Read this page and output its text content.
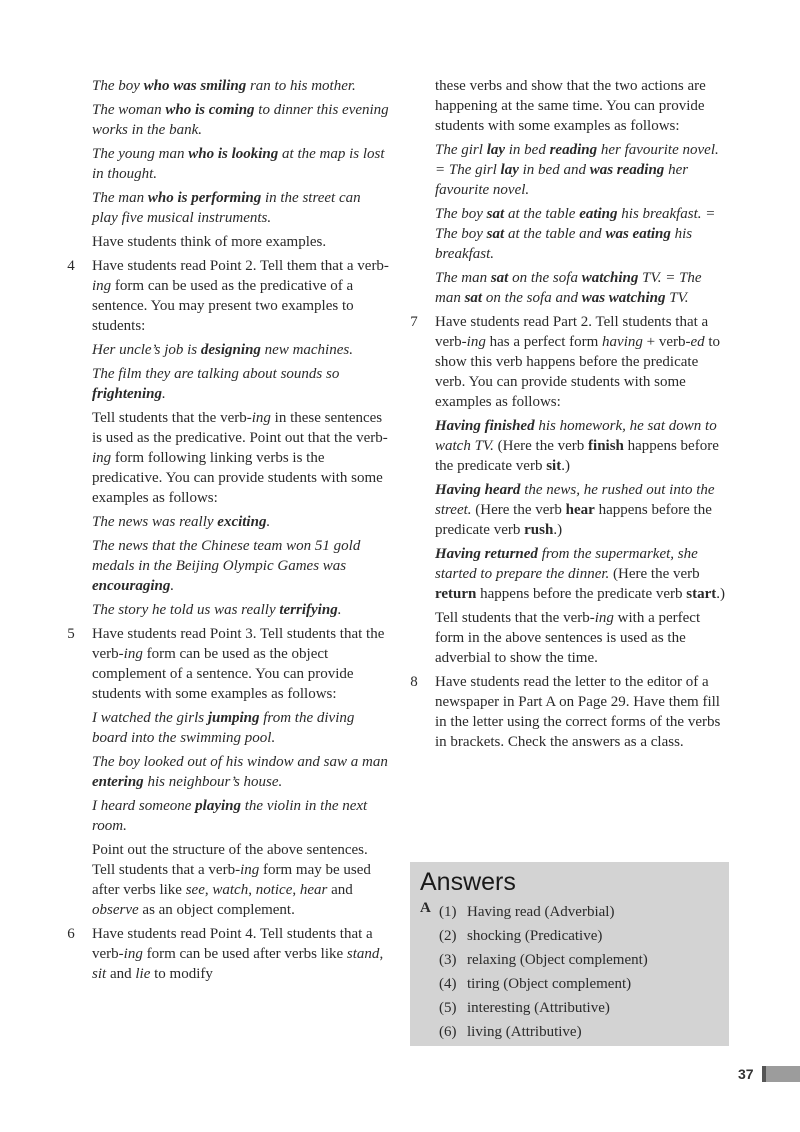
The boy who was smiling ran to his mother.
The woman who is coming to dinner this evening works in the bank.
The young man who is looking at the map is lost in thought.
The man who is performing in the street can play five musical instruments.
Have students think of more examples.
4 Have students read Point 2. Tell them that a verb-ing form can be used as the predicative of a sentence. You may present two examples to students:
Her uncle’s job is designing new machines.
The film they are talking about sounds so frightening.
Tell students that the verb-ing in these sentences is used as the predicative. Point out that the verb-ing form following linking verbs is the predicative. You can provide students with some examples as follows:
The news was really exciting.
The news that the Chinese team won 51 gold medals in the Beijing Olympic Games was encouraging.
The story he told us was really terrifying.
5 Have students read Point 3. Tell students that the verb-ing form can be used as the object complement of a sentence. You can provide students with some examples as follows:
I watched the girls jumping from the diving board into the swimming pool.
The boy looked out of his window and saw a man entering his neighbour’s house.
I heard someone playing the violin in the next room.
Point out the structure of the above sentences. Tell students that a verb-ing form may be used after verbs like see, watch, notice, hear and observe as an object complement.
6 Have students read Point 4. Tell students that a verb-ing form can be used after verbs like stand, sit and lie to modify
these verbs and show that the two actions are happening at the same time. You can provide students with some examples as follows:
The girl lay in bed reading her favourite novel. = The girl lay in bed and was reading her favourite novel.
The boy sat at the table eating his breakfast. = The boy sat at the table and was eating his breakfast.
The man sat on the sofa watching TV. = The man sat on the sofa and was watching TV.
7 Have students read Part 2. Tell students that a verb-ing has a perfect form having + verb-ed to show this verb happens before the predicate verb. You can provide students with some examples as follows:
Having finished his homework, he sat down to watch TV. (Here the verb finish happens before the predicate verb sit.)
Having heard the news, he rushed out into the street. (Here the verb hear happens before the predicate verb rush.)
Having returned from the supermarket, she started to prepare the dinner. (Here the verb return happens before the predicate verb start.)
Tell students that the verb-ing with a perfect form in the above sentences is used as the adverbial to show the time.
8 Have students read the letter to the editor of a newspaper in Part A on Page 29. Have them fill in the letter using the correct forms of the verbs in brackets. Check the answers as a class.
Answers
A (1) Having read (Adverbial)
(2) shocking (Predicative)
(3) relaxing (Object complement)
(4) tiring (Object complement)
(5) interesting (Attributive)
(6) living (Attributive)
37
